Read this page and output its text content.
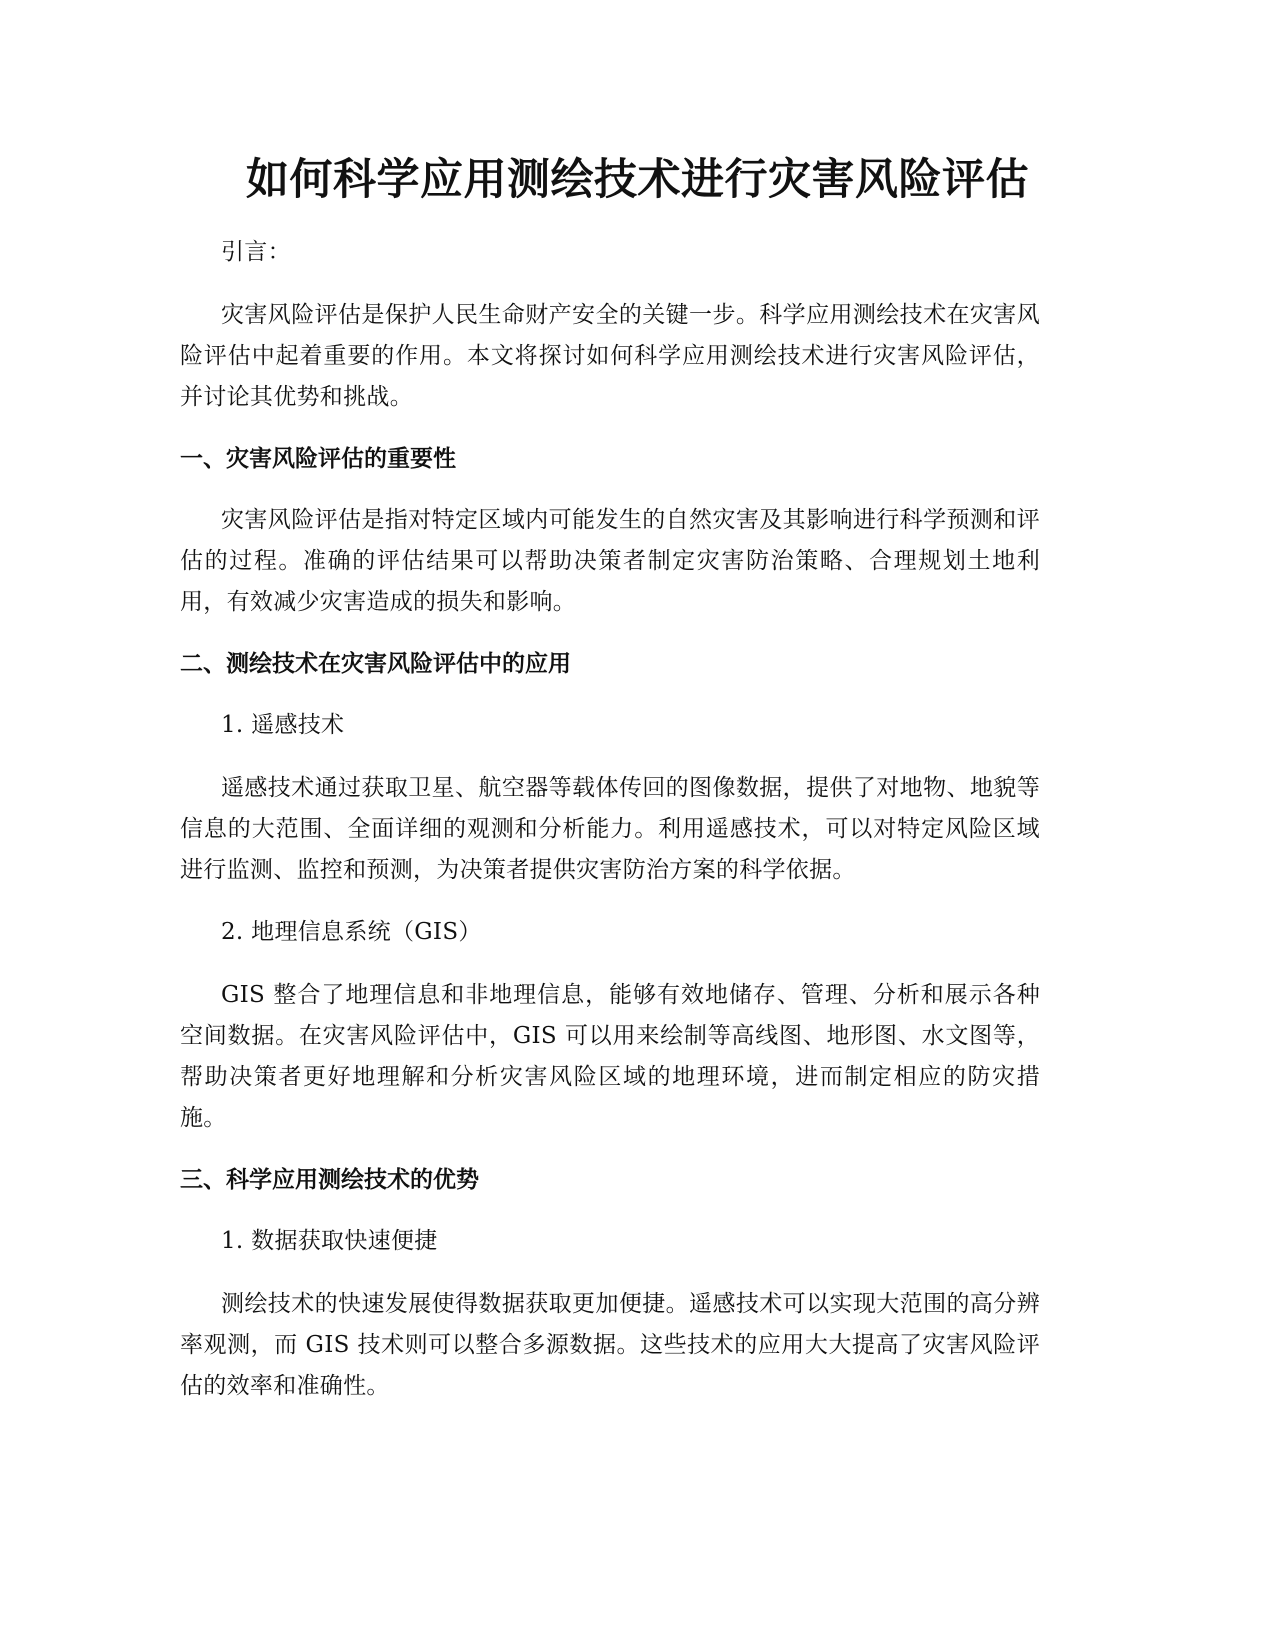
如何科学应用测绘技术进行灾害风险评估

引言：

灾害风险评估是保护人民生命财产安全的关键一步。科学应用测绘技术在灾害风险评估中起着重要的作用。本文将探讨如何科学应用测绘技术进行灾害风险评估，并讨论其优势和挑战。

一、灾害风险评估的重要性

灾害风险评估是指对特定区域内可能发生的自然灾害及其影响进行科学预测和评估的过程。准确的评估结果可以帮助决策者制定灾害防治策略、合理规划土地利用，有效减少灾害造成的损失和影响。

二、测绘技术在灾害风险评估中的应用

1. 遥感技术

遥感技术通过获取卫星、航空器等载体传回的图像数据，提供了对地物、地貌等信息的大范围、全面详细的观测和分析能力。利用遥感技术，可以对特定风险区域进行监测、监控和预测，为决策者提供灾害防治方案的科学依据。

2. 地理信息系统（GIS）

GIS 整合了地理信息和非地理信息，能够有效地储存、管理、分析和展示各种空间数据。在灾害风险评估中，GIS 可以用来绘制等高线图、地形图、水文图等，帮助决策者更好地理解和分析灾害风险区域的地理环境，进而制定相应的防灾措施。

三、科学应用测绘技术的优势

1. 数据获取快速便捷

测绘技术的快速发展使得数据获取更加便捷。遥感技术可以实现大范围的高分辨率观测，而 GIS 技术则可以整合多源数据。这些技术的应用大大提高了灾害风险评估的效率和准确性。
